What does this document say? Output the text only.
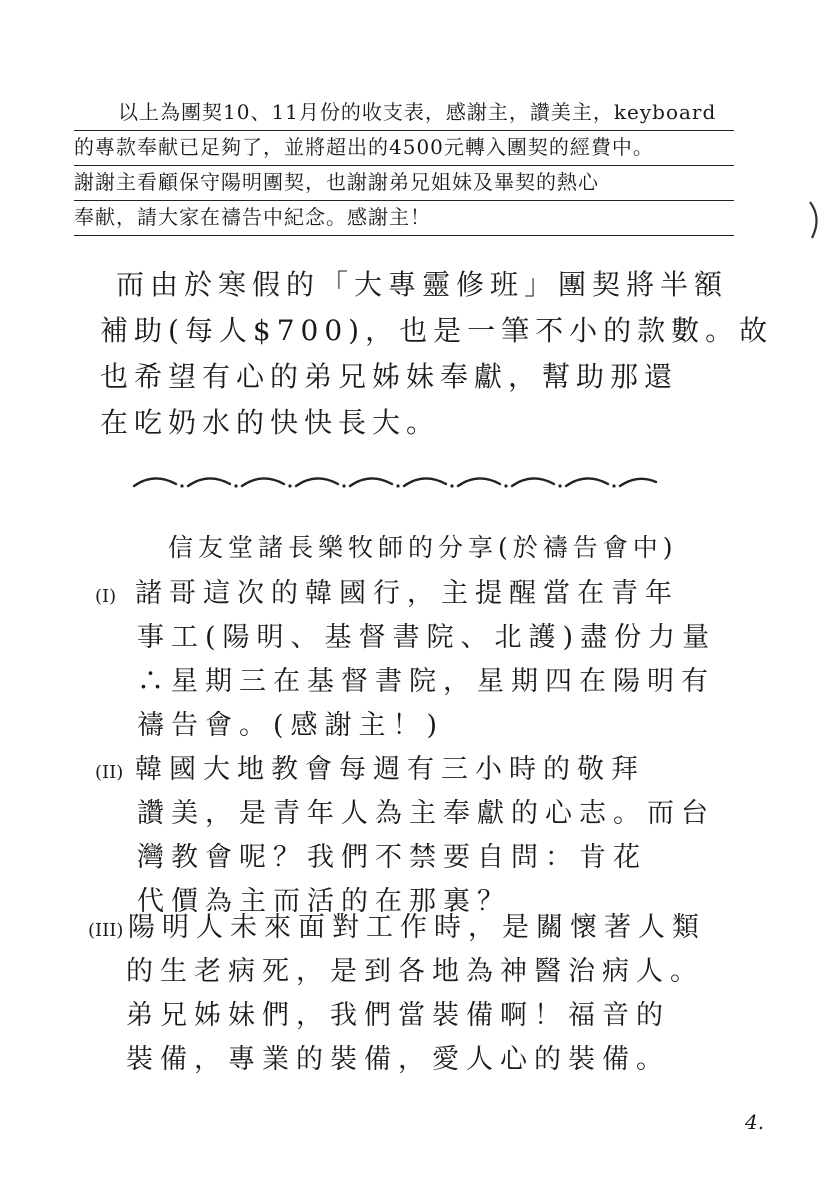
以上為團契10、11月份的收支表，感謝主，讚美主，keyboard
的專款奉献已足夠了，並將超出的4500元轉入團契的經費中。
謝謝主看顧保守陽明團契，也謝謝弟兄姐妹及畢契的熱心
奉献，請大家在禱告中紀念。感謝主！
而由於寒假的「大專靈修班」團契將半額
補助(每人$700)，也是一筆不小的款數。故
也希望有心的弟兄姊妹奉獻，幫助那還
在吃奶水的快快長大。
信友堂諸長樂牧師的分享(於禱告會中)
(I) 諸哥這次的韓國行，主提醒當在青年
事工(陽明、基督書院、北護)盡份力量
∴星期三在基督書院，星期四在陽明有
禱告會。(感謝主！)
(II) 韓國大地教會每週有三小時的敬拜
讚美，是青年人為主奉獻的心志。而台
灣教會呢？我們不禁要自問：肯花
代價為主而活的在那裏？
(III) 陽明人未來面對工作時，是關懷著人類
的生老病死，是到各地為神醫治病人。
弟兄姊妹們，我們當裝備啊！福音的
裝備，專業的裝備，愛人心的裝備。
4.
